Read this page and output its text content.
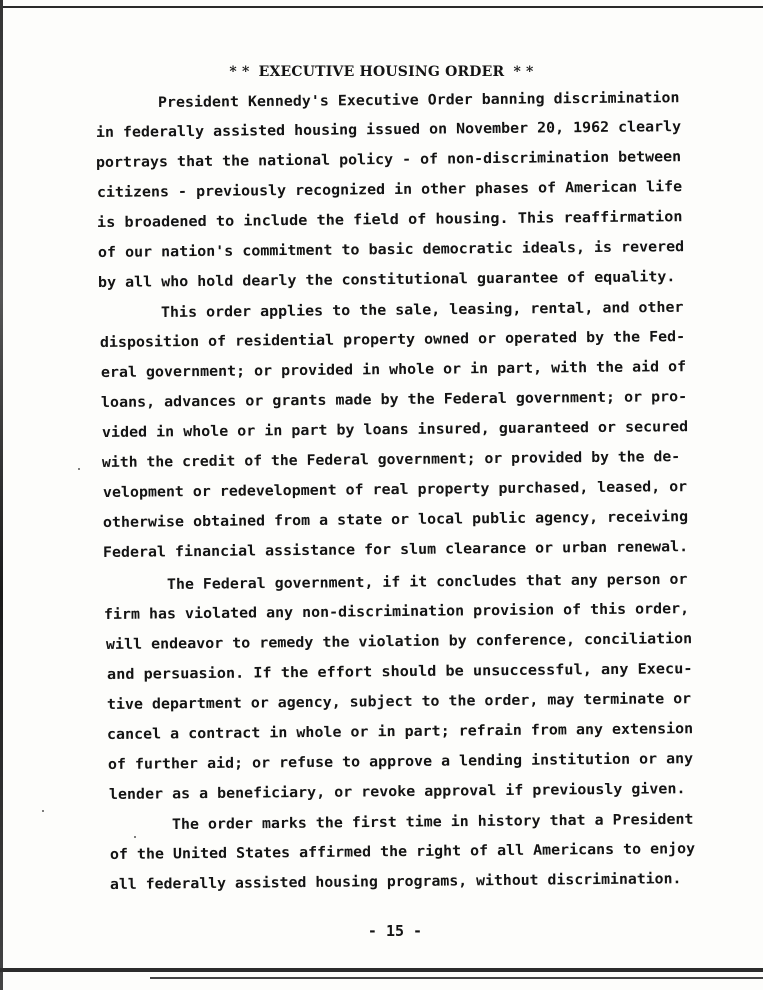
* * EXECUTIVE HOUSING ORDER * *
President Kennedy's Executive Order banning discrimination
in federally assisted housing issued on November 20, 1962 clearly
portrays that the national policy - of non-discrimination between
citizens - previously recognized in other phases of American life
is broadened to include the field of housing. This reaffirmation
of our nation's commitment to basic democratic ideals, is revered
by all who hold dearly the constitutional guarantee of equality.
This order applies to the sale, leasing, rental, and other
disposition of residential property owned or operated by the Fed-
eral government; or provided in whole or in part, with the aid of
loans, advances or grants made by the Federal government; or pro-
vided in whole or in part by loans insured, guaranteed or secured
with the credit of the Federal government; or provided by the de-
velopment or redevelopment of real property purchased, leased, or
otherwise obtained from a state or local public agency, receiving
Federal financial assistance for slum clearance or urban renewal.
The Federal government, if it concludes that any person or
firm has violated any non-discrimination provision of this order,
will endeavor to remedy the violation by conference, conciliation
and persuasion. If the effort should be unsuccessful, any Execu-
tive department or agency, subject to the order, may terminate or
cancel a contract in whole or in part; refrain from any extension
of further aid; or refuse to approve a lending institution or any
lender as a beneficiary, or revoke approval if previously given.
The order marks the first time in history that a President
of the United States affirmed the right of all Americans to enjoy
all federally assisted housing programs, without discrimination.
- 15 -
